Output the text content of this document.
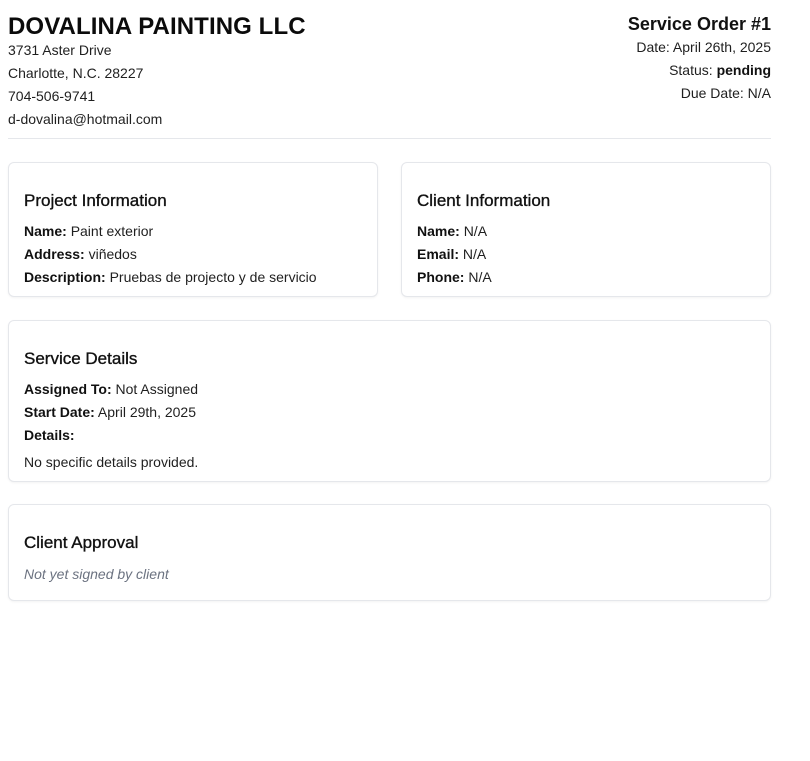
DOVALINA PAINTING LLC
3731 Aster Drive
Charlotte, N.C. 28227
704-506-9741
d-dovalina@hotmail.com
Service Order #1
Date: April 26th, 2025
Status: pending
Due Date: N/A
Project Information
Name: Paint exterior
Address: viñedos
Description: Pruebas de projecto y de servicio
Client Information
Name: N/A
Email: N/A
Phone: N/A
Service Details
Assigned To: Not Assigned
Start Date: April 29th, 2025
Details:
No specific details provided.
Client Approval
Not yet signed by client
